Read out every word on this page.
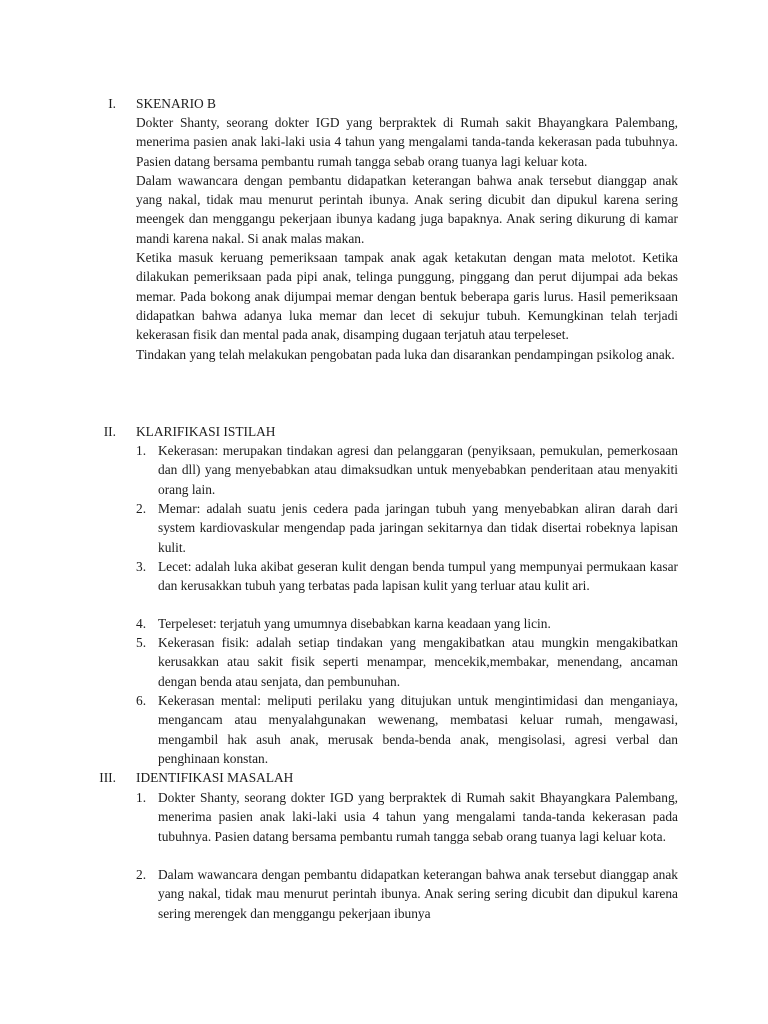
I. SKENARIO B

Dokter Shanty, seorang dokter IGD yang berpraktek di Rumah sakit Bhayangkara Palembang, menerima pasien anak laki-laki usia 4 tahun yang mengalami tanda-tanda kekerasan pada tubuhnya. Pasien datang bersama pembantu rumah tangga sebab orang tuanya lagi keluar kota.

Dalam wawancara dengan pembantu didapatkan keterangan bahwa anak tersebut dianggap anak yang nakal, tidak mau menurut perintah ibunya. Anak sering dicubit dan dipukul karena sering meengek dan menggangu pekerjaan ibunya kadang juga bapaknya. Anak sering dikurung di kamar mandi karena nakal. Si anak malas makan.

Ketika masuk keruang pemeriksaan tampak anak agak ketakutan dengan mata melotot. Ketika dilakukan pemeriksaan pada pipi anak, telinga punggung, pinggang dan perut dijumpai ada bekas memar. Pada bokong anak dijumpai memar dengan bentuk beberapa garis lurus. Hasil pemeriksaan didapatkan bahwa adanya luka memar dan lecet di sekujur tubuh. Kemungkinan telah terjadi kekerasan fisik dan mental pada anak, disamping dugaan terjatuh atau terpeleset.

Tindakan yang telah melakukan pengobatan pada luka dan disarankan pendampingan psikolog anak.

II. KLARIFIKASI ISTILAH
1. Kekerasan: merupakan tindakan agresi dan pelanggaran (penyiksaan, pemukulan, pemerkosaan dan dll) yang menyebabkan atau dimaksudkan untuk menyebabkan penderitaan atau menyakiti orang lain.
2. Memar: adalah suatu jenis cedera pada jaringan tubuh yang menyebabkan aliran darah dari system kardiovaskular mengendap pada jaringan sekitarnya dan tidak disertai robeknya lapisan kulit.
3. Lecet: adalah luka akibat geseran kulit dengan benda tumpul yang mempunyai permukaan kasar dan kerusakkan tubuh yang terbatas pada lapisan kulit yang terluar atau kulit ari.
4. Terpeleset: terjatuh yang umumnya disebabkan karna keadaan yang licin.
5. Kekerasan fisik: adalah setiap tindakan yang mengakibatkan atau mungkin mengakibatkan kerusakkan atau sakit fisik seperti menampar, mencekik,membakar, menendang, ancaman dengan benda atau senjata, dan pembunuhan.
6. Kekerasan mental: meliputi perilaku yang ditujukan untuk mengintimidasi dan menganiaya, mengancam atau menyalahgunakan wewenang, membatasi keluar rumah, mengawasi, mengambil hak asuh anak, merusak benda-benda anak, mengisolasi, agresi verbal dan penghinaan konstan.
III. IDENTIFIKASI MASALAH
1. Dokter Shanty, seorang dokter IGD yang berpraktek di Rumah sakit Bhayangkara Palembang, menerima pasien anak laki-laki usia 4 tahun yang mengalami tanda-tanda kekerasan pada tubuhnya. Pasien datang bersama pembantu rumah tangga sebab orang tuanya lagi keluar kota.
2. Dalam wawancara dengan pembantu didapatkan keterangan bahwa anak tersebut dianggap anak yang nakal, tidak mau menurut perintah ibunya. Anak sering sering dicubit dan dipukul karena sering merengek dan menggangu pekerjaan ibunya
